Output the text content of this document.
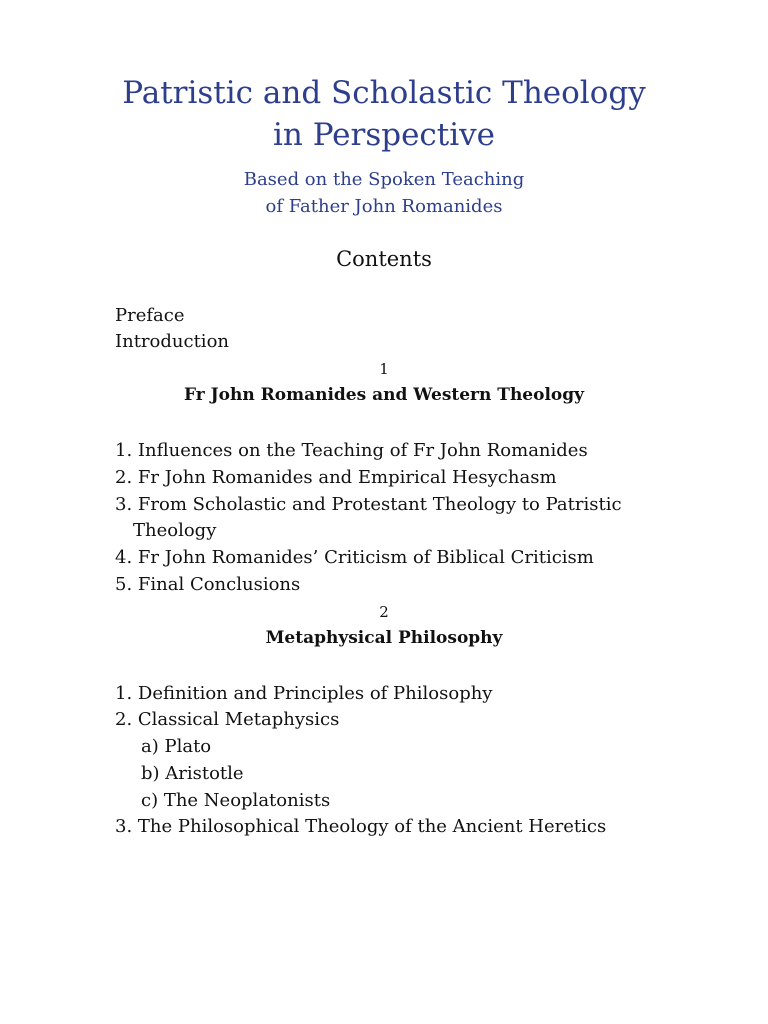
Patristic and Scholastic Theology
in Perspective
Based on the Spoken Teaching
of Father John Romanides
Contents
Preface
Introduction
1
Fr John Romanides and Western Theology
1. Influences on the Teaching of Fr John Romanides
2. Fr John Romanides and Empirical Hesychasm
3. From Scholastic and Protestant Theology to Patristic
Theology
4. Fr John Romanides’ Criticism of Biblical Criticism
5. Final Conclusions
2
Metaphysical Philosophy
1. Definition and Principles of Philosophy
2. Classical Metaphysics
a) Plato
b) Aristotle
c) The Neoplatonists
3. The Philosophical Theology of the Ancient Heretics
